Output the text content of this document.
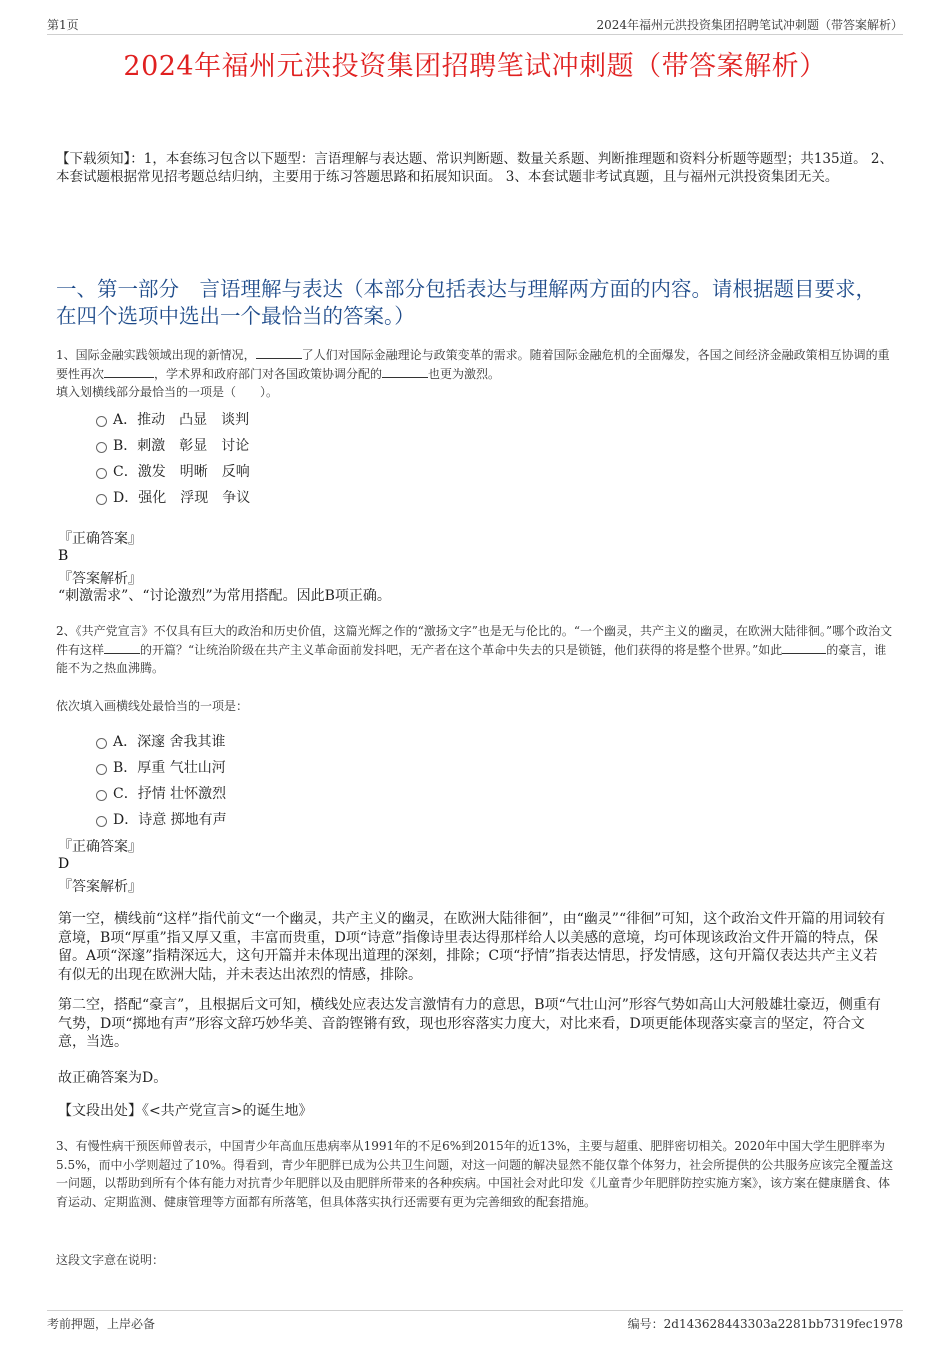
第1页	2024年福州元洪投资集团招聘笔试冲刺题（带答案解析）
2024年福州元洪投资集团招聘笔试冲刺题（带答案解析）
【下载须知】：1，本套练习包含以下题型：言语理解与表达题、常识判断题、数量关系题、判断推理题和资料分析题等题型；共135道。 2、本套试题根据常见招考题总结归纳，主要用于练习答题思路和拓展知识面。 3、本套试题非考试真题，且与福州元洪投资集团无关。
一、第一部分　言语理解与表达（本部分包括表达与理解两方面的内容。请根据题目要求，在四个选项中选出一个最恰当的答案。）
1、国际金融实践领域出现的新情况，	了人们对国际金融理论与政策变革的需求。随着国际金融危机的全面爆发，各国之间经济金融政策相互协调的重要性再次	，学术界和政府部门对各国政策协调分配的	也更为激烈。
填入划横线部分最恰当的一项是（　　）。
A．推动　凸显　谈判
B．刺激　彰显　讨论
C．激发　明晰　反响
D．强化　浮现　争议
『正确答案』
B
『答案解析』
“刺激需求”、“讨论激烈”为常用搭配。因此B项正确。
2、《共产党宣言》不仅具有巨大的政治和历史价值，这篇光辉之作的“激扬文字”也是无与伦比的。“一个幽灵，共产主义的幽灵，在欧洲大陆徘徊。”哪个政治文件有这样	的开篇？“让统治阶级在共产主义革命面前发抖吧，无产者在这个革命中失去的只是锁链，他们获得的将是整个世界。”如此	的豪言，谁能不为之热血沸腾。
依次填入画横线处最恰当的一项是：
A．深邃 舍我其谁
B．厚重 气壮山河
C．抒情 壮怀激烈
D．诗意 掷地有声
『正确答案』
D
『答案解析』
第一空，横线前“这样”指代前文“一个幽灵，共产主义的幽灵，在欧洲大陆徘徊”，由“幽灵”“徘徊”可知，这个政治文件开篇的用词较有意境，B项“厚重”指又厚又重，丰富而贵重，D项“诗意”指像诗里表达得那样给人以美感的意境，均可体现该政治文件开篇的特点，保留。A项“深邃”指精深远大，这句开篇并未体现出道理的深刻，排除；C项“抒情”指表达情思，抒发情感，这句开篇仅表达共产主义若有似无的出现在欧洲大陆，并未表达出浓烈的情感，排除。
第二空，搭配“豪言”，且根据后文可知，横线处应表达发言激情有力的意思，B项“气壮山河”形容气势如高山大河般雄壮豪迈，侧重有气势，D项“掷地有声”形容文辞巧妙华美、音韵铿锵有致，现也形容落实力度大，对比来看，D项更能体现落实豪言的坚定，符合文意，当选。
故正确答案为D。
【文段出处】《<共产党宣言>的诞生地》
3、有慢性病干预医师曾表示，中国青少年高血压患病率从1991年的不足6%到2015年的近13%，主要与超重、肥胖密切相关。2020年中国大学生肥胖率为5.5%，而中小学则超过了10%。得看到，青少年肥胖已成为公共卫生问题，对这一问题的解决显然不能仅靠个体努力，社会所提供的公共服务应该完全覆盖这一问题，以帮助到所有个体有能力对抗青少年肥胖以及由肥胖所带来的各种疾病。中国社会对此印发《儿童青少年肥胖防控实施方案》，该方案在健康膳食、体育运动、定期监测、健康管理等方面都有所落笔，但具体落实执行还需要有更为完善细致的配套措施。
这段文字意在说明：
考前押题，上岸必备	编号：2d143628443303a2281bb7319fec1978
